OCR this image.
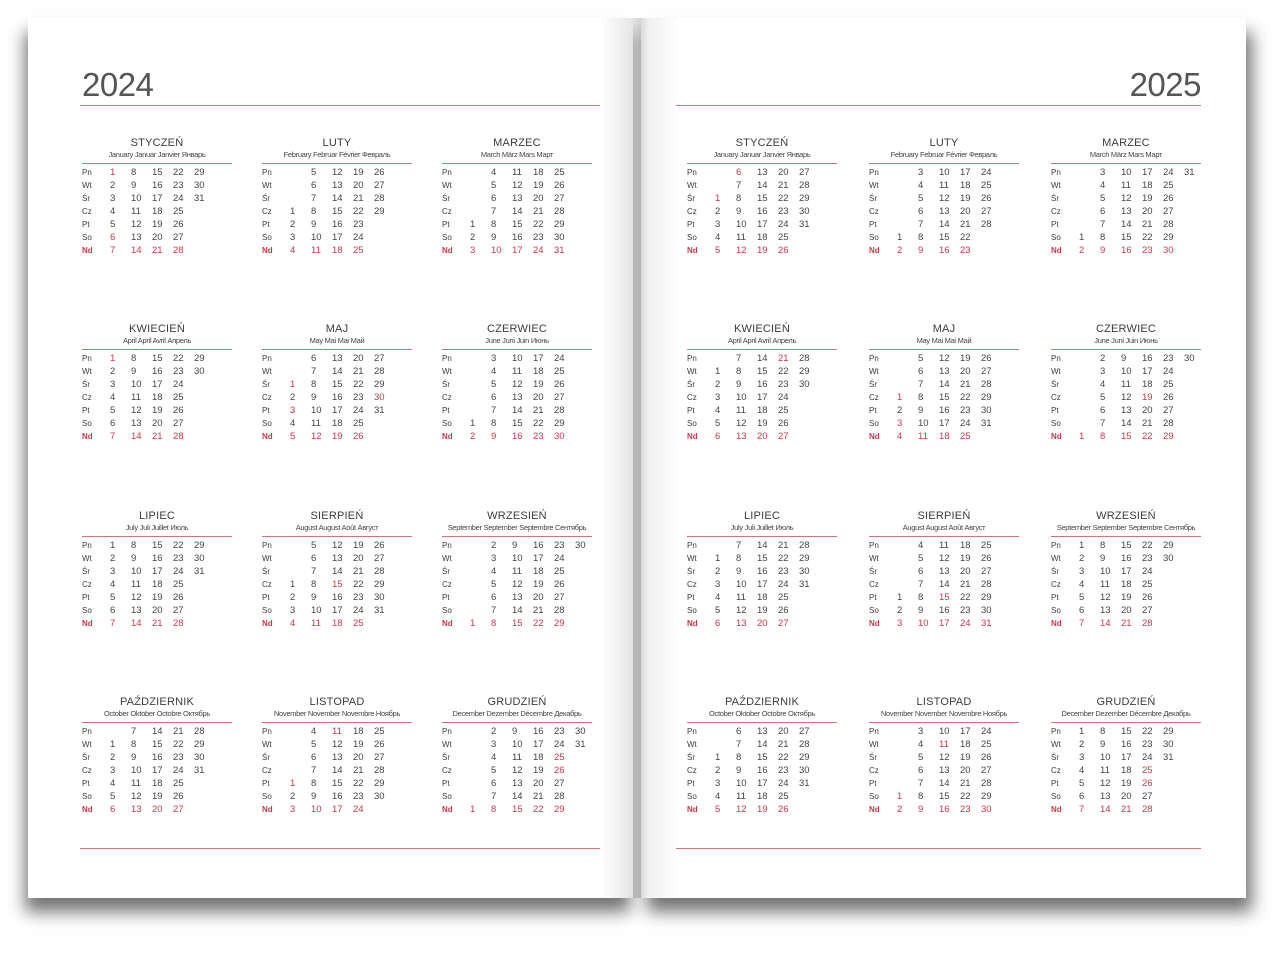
2024
STYCZEŃ
January Januar Janvier Январь
Pn 1 8 15 22 29
Wt 2 9 16 23 30
Śr 3 10 17 24 31
Cz 4 11 18 25
Pt 5 12 19 26
So 6 13 20 27
Nd 7 14 21 28
LUTY
February Februar Février Февраль
Pn	5 12 19 26
Wt	6 13 20 27
Śr	7 14 21 28
Cz 1 8 15 22 29
Pt 2 9 16 23
So 3 10 17 24
Nd 4 11 18 25
MARZEC
March März Mars Март
Pn	4 11 18 25
Wt	5 12 19 26
Śr	6 13 20 27
Cz	7 14 21 28
Pt 1 8 15 22 29
So 2 9 16 23 30
Nd 3 10 17 24 31
KWIECIEŃ
April April Avril Апрель
Pn 1 8 15 22 29
Wt 2 9 16 23 30
Śr 3 10 17 24
Cz 4 11 18 25
Pt 5 12 19 26
So 6 13 20 27
Nd 7 14 21 28
MAJ
May Mai Mai Май
Pn	6 13 20 27
Wt	7 14 21 28
Śr 1 8 15 22 29
Cz 2 9 16 23 30
Pt 3 10 17 24 31
So 4 11 18 25
Nd 5 12 19 26
CZERWIEC
June Juni Juin Июнь
Pn	3 10 17 24
Wt	4 11 18 25
Śr	5 12 19 26
Cz	6 13 20 27
Pt	7 14 21 28
So 1 8 15 22 29
Nd 2 9 16 23 30
LIPIEC
July Juli Juillet Июль
Pn 1 8 15 22 29
Wt 2 9 16 23 30
Śr 3 10 17 24 31
Cz 4 11 18 25
Pt 5 12 19 26
So 6 13 20 27
Nd 7 14 21 28
SIERPIEŃ
August August Août Август
Pn	5 12 19 26
Wt	6 13 20 27
Śr	7 14 21 28
Cz 1 8 15 22 29
Pt 2 9 16 23 30
So 3 10 17 24 31
Nd 4 11 18 25
WRZESIEŃ
September September Septembre Сентябрь
Pn	2 9 16 23 30
Wt	3 10 17 24
Śr	4 11 18 25
Cz	5 12 19 26
Pt	6 13 20 27
So	7 14 21 28
Nd 1 8 15 22 29
PAŹDZIERNIK
October Oktober Octobre Октябрь
Pn	7 14 21 28
Wt 1 8 15 22 29
Śr 2 9 16 23 30
Cz 3 10 17 24 31
Pt 4 11 18 25
So 5 12 19 26
Nd 6 13 20 27
LISTOPAD
November November Novembre Ноябрь
Pn	4 11 18 25
Wt	5 12 19 26
Śr	6 13 20 27
Cz	7 14 21 28
Pt 1 8 15 22 29
So 2 9 16 23 30
Nd 3 10 17 24
GRUDZIEŃ
December Dezember Décembre Декабрь
Pn	2 9 16 23 30
Wt	3 10 17 24 31
Śr	4 11 18 25
Cz	5 12 19 26
Pt	6 13 20 27
So	7 14 21 28
Nd 1 8 15 22 29
2025
STYCZEŃ
January Januar Janvier Январь
Pn	6 13 20 27
Wt	7 14 21 28
Śr 1 8 15 22 29
Cz 2 9 16 23 30
Pt 3 10 17 24 31
So 4 11 18 25
Nd 5 12 19 26
LUTY
February Februar Février Февраль
Pn	3 10 17 24
Wt	4 11 18 25
Śr	5 12 19 26
Cz	6 13 20 27
Pt	7 14 21 28
So 1 8 15 22
Nd 2 9 16 23
MARZEC
March März Mars Март
Pn	3 10 17 24 31
Wt	4 11 18 25
Śr	5 12 19 26
Cz	6 13 20 27
Pt	7 14 21 28
So 1 8 15 22 29
Nd 2 9 16 23 30
KWIECIEŃ
April April Avril Апрель
Pn	7 14 21 28
Wt 1 8 15 22 29
Śr 2 9 16 23 30
Cz 3 10 17 24
Pt 4 11 18 25
So 5 12 19 26
Nd 6 13 20 27
MAJ
May Mai Mai Май
Pn	5 12 19 26
Wt	6 13 20 27
Śr	7 14 21 28
Cz 1 8 15 22 29
Pt 2 9 16 23 30
So 3 10 17 24 31
Nd 4 11 18 25
CZERWIEC
June Juni Juin Июнь
Pn	2 9 16 23 30
Wt	3 10 17 24
Śr	4 11 18 25
Cz	5 12 19 26
Pt	6 13 20 27
So	7 14 21 28
Nd 1 8 15 22 29
LIPIEC
July Juli Juillet Июль
Pn	7 14 21 28
Wt 1 8 15 22 29
Śr 2 9 16 23 30
Cz 3 10 17 24 31
Pt 4 11 18 25
So 5 12 19 26
Nd 6 13 20 27
SIERPIEŃ
August August Août Август
Pn	4 11 18 25
Wt	5 12 19 26
Śr	6 13 20 27
Cz	7 14 21 28
Pt 1 8 15 22 29
So 2 9 16 23 30
Nd 3 10 17 24 31
WRZESIEŃ
September September Septembre Сентябрь
Pn 1 8 15 22 29
Wt 2 9 16 23 30
Śr 3 10 17 24
Cz 4 11 18 25
Pt 5 12 19 26
So 6 13 20 27
Nd 7 14 21 28
PAŹDZIERNIK
October Oktober Octobre Октябрь
Pn	6 13 20 27
Wt	7 14 21 28
Śr 1 8 15 22 29
Cz 2 9 16 23 30
Pt 3 10 17 24 31
So 4 11 18 25
Nd 5 12 19 26
LISTOPAD
November November Novembre Ноябрь
Pn	3 10 17 24
Wt	4 11 18 25
Śr	5 12 19 26
Cz	6 13 20 27
Pt	7 14 21 28
So 1 8 15 22 29
Nd 2 9 16 23 30
GRUDZIEŃ
December Dezember Décembre Декабрь
Pn 1 8 15 22 29
Wt 2 9 16 23 30
Śr 3 10 17 24 31
Cz 4 11 18 25
Pt 5 12 19 26
So 6 13 20 27
Nd 7 14 21 28
